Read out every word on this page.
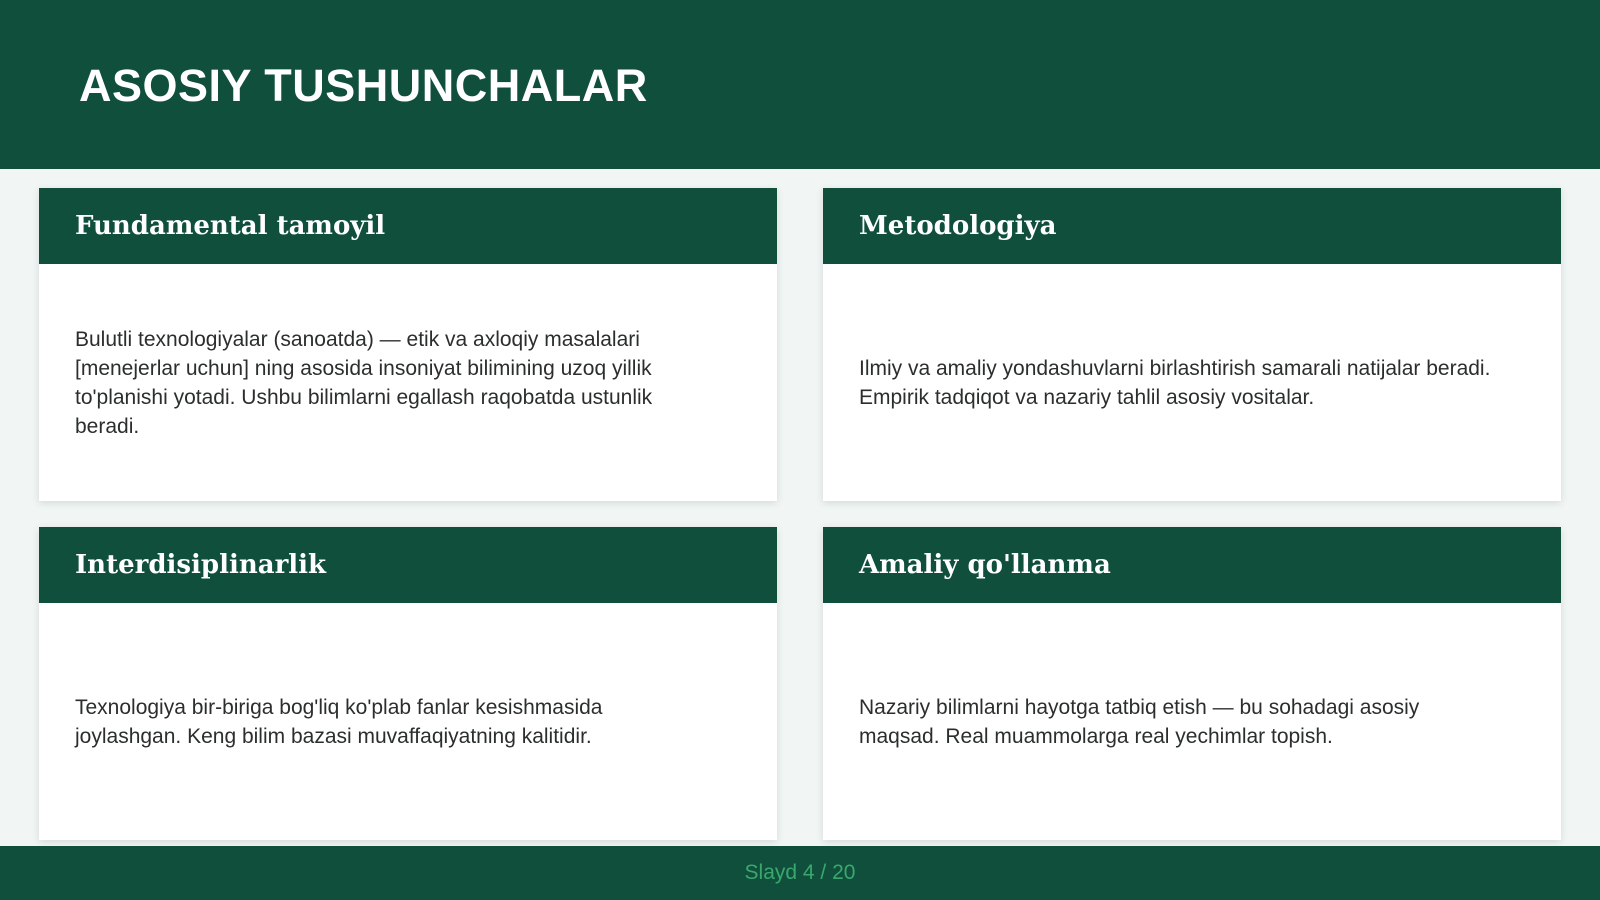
ASOSIY TUSHUNCHALAR
Fundamental tamoyil

Bulutli texnologiyalar (sanoatda) — etik va axloqiy masalalari [menejerlar uchun] ning asosida insoniyat bilimining uzoq yillik to'planishi yotadi. Ushbu bilimlarni egallash raqobatda ustunlik beradi.

Metodologiya

Ilmiy va amaliy yondashuvlarni birlashtirish samarali natijalar beradi. Empirik tadqiqot va nazariy tahlil asosiy vositalar.

Interdisiplinarlik

Texnologiya bir-biriga bog'liq ko'plab fanlar kesishmasida joylashgan. Keng bilim bazasi muvaffaqiyatning kalitidir.

Amaliy qo'llanma

Nazariy bilimlarni hayotga tatbiq etish — bu sohadagi asosiy maqsad. Real muammolarga real yechimlar topish.

Slayd 4 / 20
